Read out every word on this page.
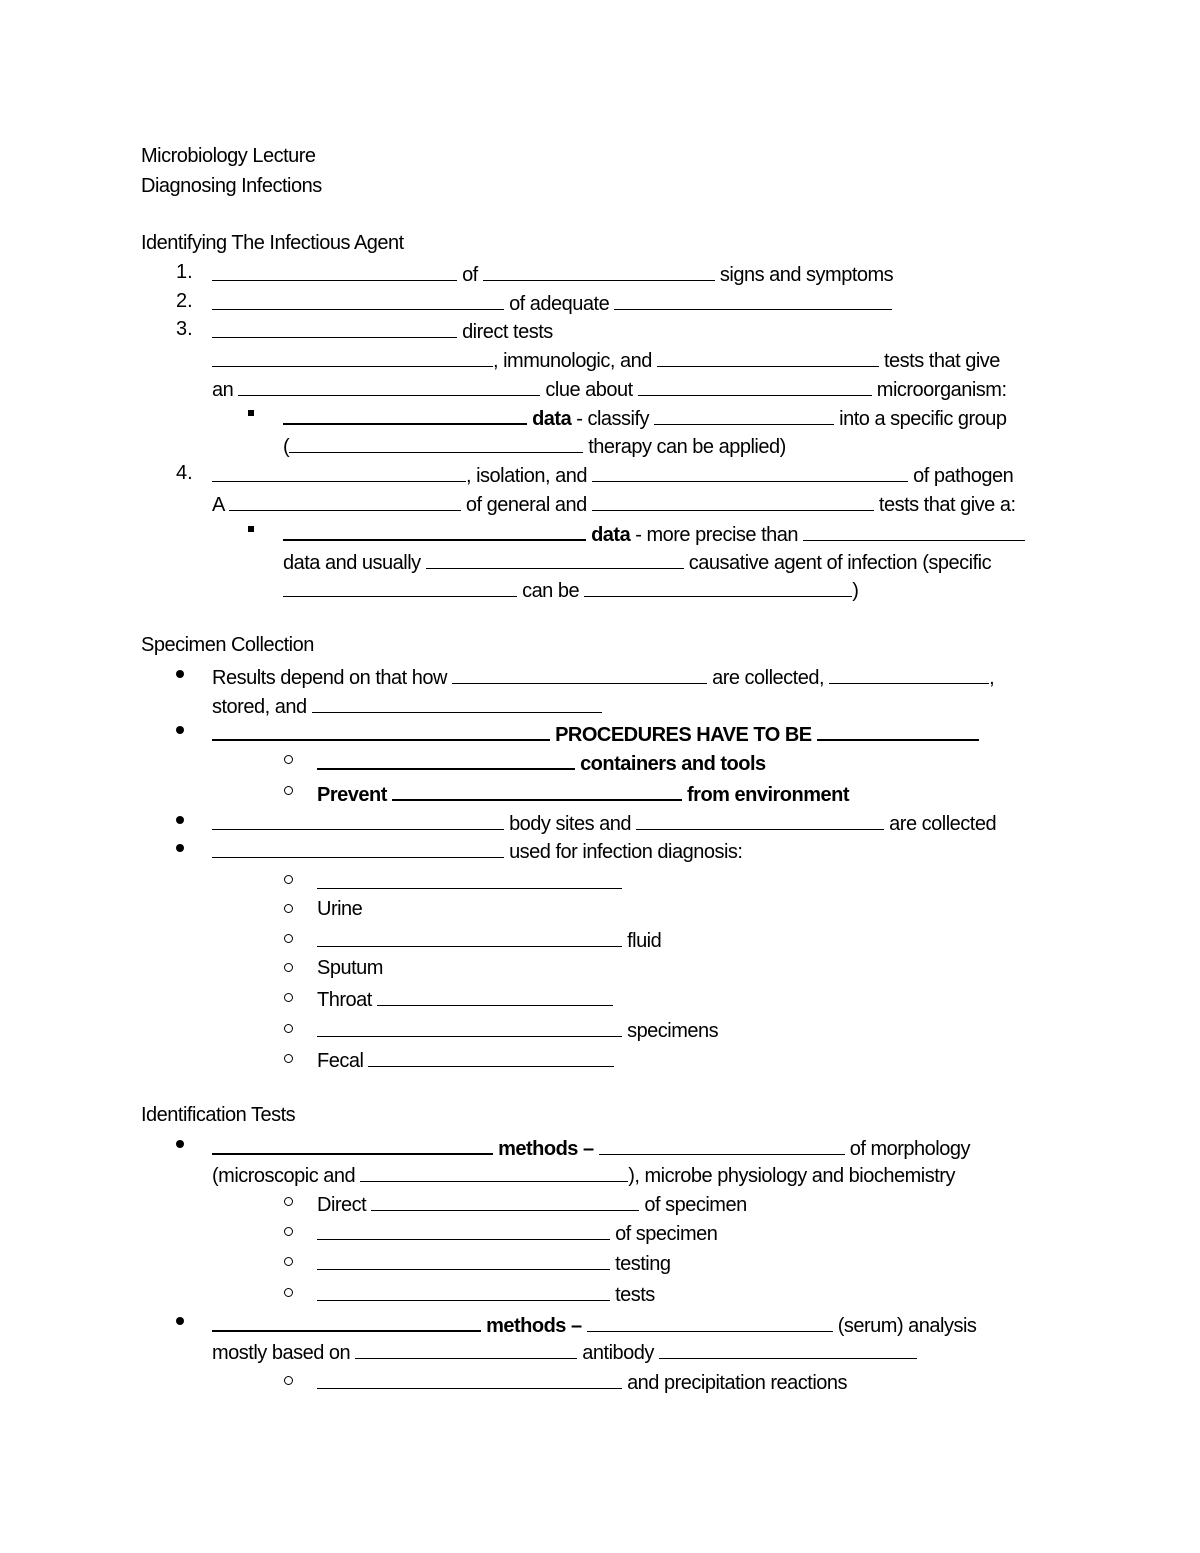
Microbiology Lecture
Diagnosing Infections
Identifying The Infectious Agent
1.	of	signs and symptoms
2.	of adequate
3.	direct tests
, immunologic, and	tests that give
an	clue about	microorganism:
data - classify	into a specific group
(	therapy can be applied)
4.	, isolation, and	of pathogen
A	of general and	tests that give a:
data - more precise than
data and usually	causative agent of infection (specific
can be	)
Specimen Collection
Results depend on that how	are collected,	,
stored, and
PROCEDURES HAVE TO BE
containers and tools
Prevent	from environment
body sites and	are collected
used for infection diagnosis:
Urine
fluid
Sputum
Throat
specimens
Fecal
Identification Tests
methods –	of morphology
(microscopic and	), microbe physiology and biochemistry
Direct	of specimen
of specimen
testing
tests
methods –	(serum) analysis
mostly based on	antibody
and precipitation reactions
